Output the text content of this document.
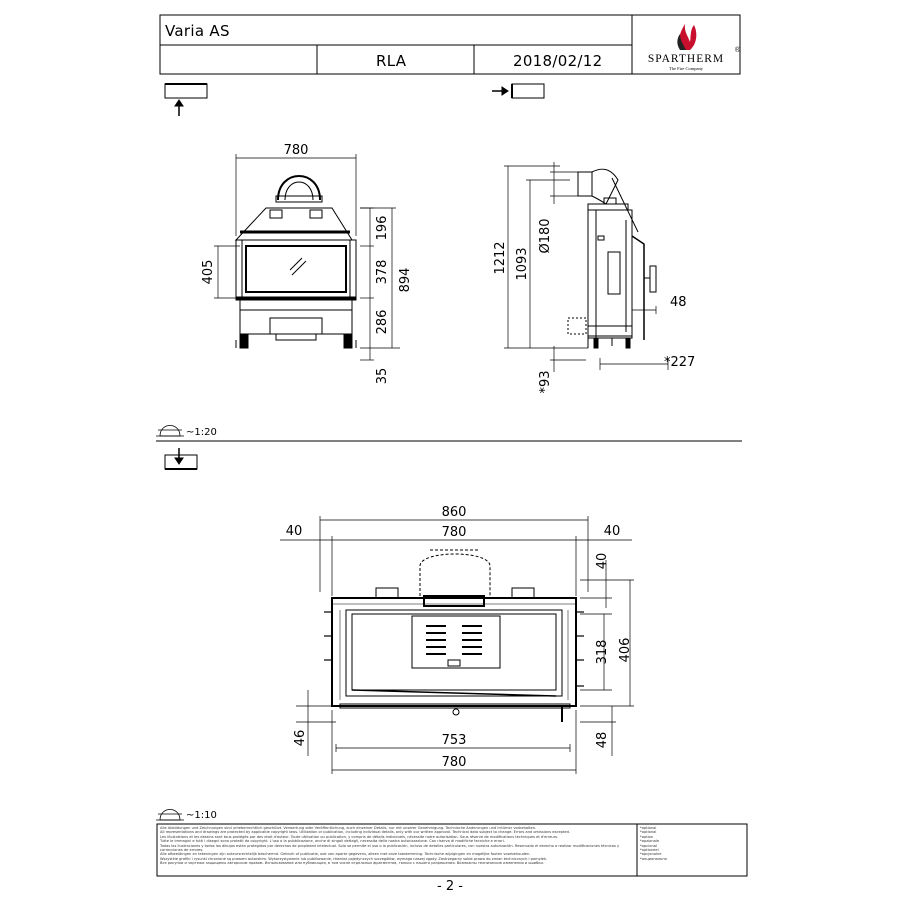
Varia AS
RLA	2018/02/12	SPARTHERM
The Fire Company
®
780
405
196
378 894
286
35
1212 1093
Ø180
48
*227
*93
~1:20
860
780
40	40
40
318 406
46	753	48
780
~1:10
Alle Abbildungen und Zeichnungen sind urheberrechtlich geschützt. Verwertung oder Veröffentlichung, auch einzelner Details, nur mit unserer Genehmigung. Technische Änderungen und Irrtümer vorbehalten.
All representations and drawings are protected by applicable copyright laws. Utilization or publication, including individual details, only with our written approval. Technical data subject to change. Errors and omissions excepted.
Les illustrations et les dessins sont tous protégés par des droit d'auteur. Toute utilisation ou publication, y compris de détails individuels, nécessite notre autorisation. Sous réserve de modifications techniques et d'erreurs.
Tutte le immagini e tutti i disegni sono protetti da copyright. L'uso o la pubblicazione, anche di singoli dettagli, necessita della nostra autorizzazione. Con riserva di modifiche tecniche e errori.
Todas las ilustraciones y todos los dibujos están protegidos por derechos de propiedad intelectual. Solo se permite el uso o la publicación, incluso de detalles particulares, con nuestra autorización. Reservado el derecho a realizar modificaciones técnicas y correcciones de errores.
Alle afbeeldingen en tekeningen zijn auteursrechtelijk beschermd. Gebruik of publicatie, ook van aparte gegevens, alleen met onze toestemming. Technische wijzigingen en mogelijke fouten voorbehouden.
Wszystkie grafiki i rysunki chronione są prawem autorskim. Wykorzystywanie lub publikowanie, również pojedynczych szczegółów, wymaga naszej zgody. Zastrzegamy sobie prawo do zmian technicznych i pomyłek.
Все рисунки и чертежи защищены авторским правом. Использование или публикация, в том числе отдельных фрагментов, только с нашего разрешения. Возможны технические изменения и ошибки.
*optional
*optional
*option
*opzionale
*opcional
*optioneel
*opcjonalne
*опционально
- 2 -
